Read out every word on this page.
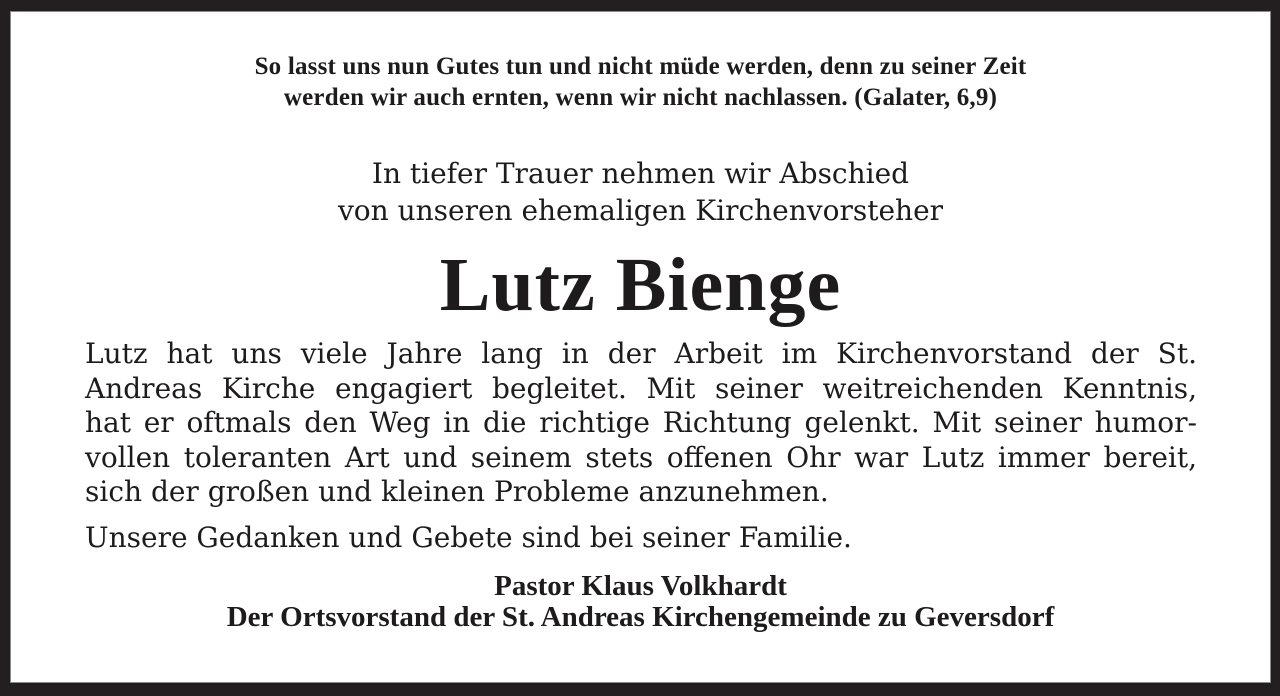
So lasst uns nun Gutes tun und nicht müde werden, denn zu seiner Zeit
werden wir auch ernten, wenn wir nicht nachlassen. (Galater, 6,9)
In tiefer Trauer nehmen wir Abschied
von unseren ehemaligen Kirchenvorsteher
Lutz Bienge
Lutz hat uns viele Jahre lang in der Arbeit im Kirchenvorstand der St.
Andreas Kirche engagiert begleitet. Mit seiner weitreichenden Kenntnis,
hat er oftmals den Weg in die richtige Richtung gelenkt. Mit seiner humor-
vollen toleranten Art und seinem stets offenen Ohr war Lutz immer bereit,
sich der großen und kleinen Probleme anzunehmen.
Unsere Gedanken und Gebete sind bei seiner Familie.
Pastor Klaus Volkhardt
Der Ortsvorstand der St. Andreas Kirchengemeinde zu Geversdorf
